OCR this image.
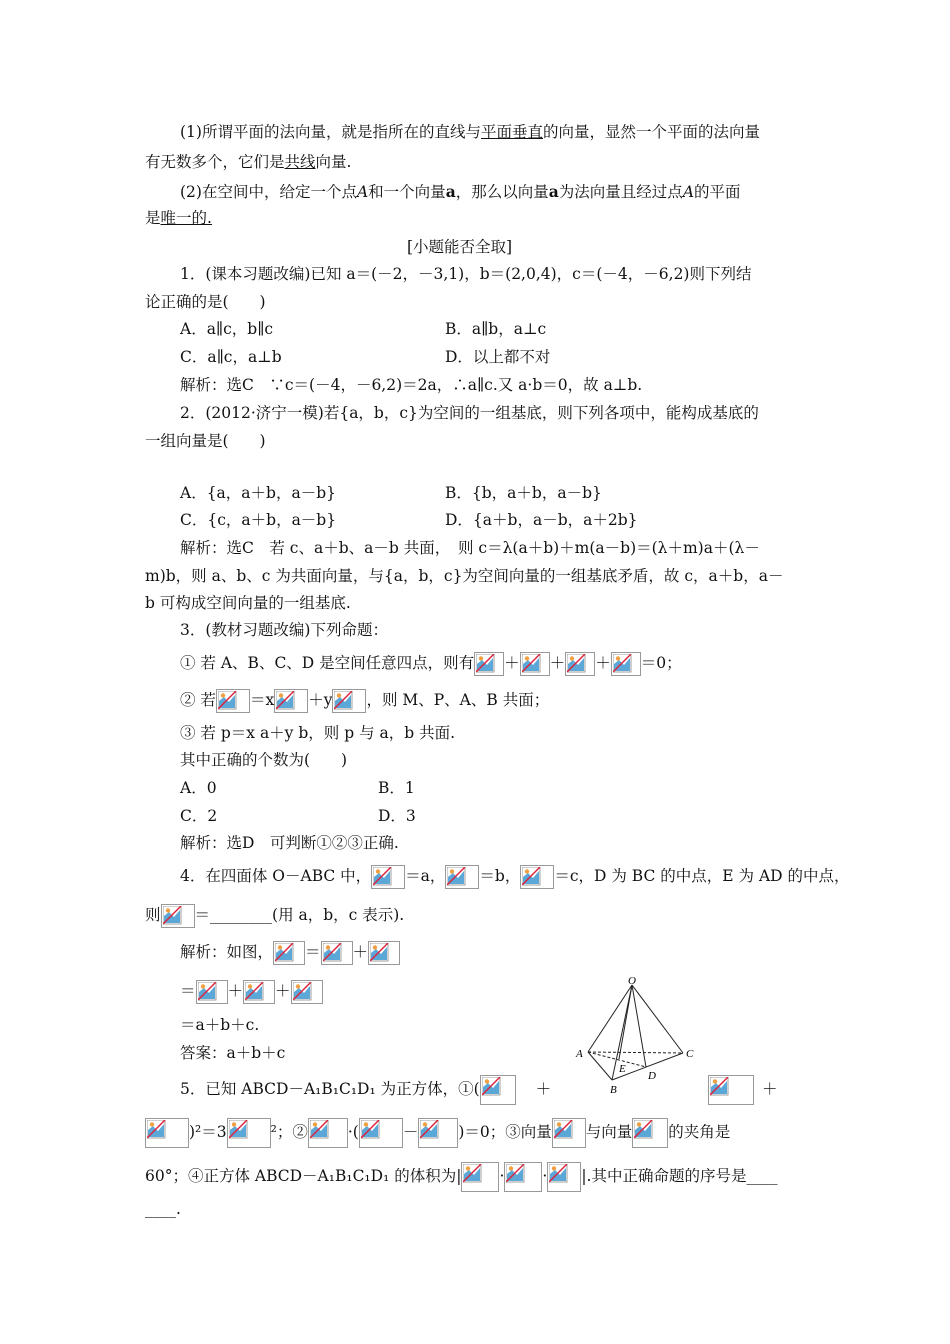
(1)所谓平面的法向量，就是指所在的直线与平面垂直的向量，显然一个平面的法向量
有无数多个，它们是共线向量.
(2)在空间中，给定一个点A和一个向量a，那么以向量a为法向量且经过点A的平面
是唯一的.
[小题能否全取]
1．(课本习题改编)已知 a＝(－2，－3,1)，b＝(2,0,4)，c＝(－4，－6,2)则下列结
论正确的是(　　)
A．a∥c，b∥c	B．a∥b，a⊥c
C．a∥c，a⊥b	D．以上都不对
解析：选C　∵c＝(－4，－6,2)＝2a，∴a∥c.又 a·b＝0，故 a⊥b.
2．(2012·济宁一模)若{a，b，c}为空间的一组基底，则下列各项中，能构成基底的
一组向量是(　　)
A．{a，a＋b，a－b}	B．{b，a＋b，a－b}
C．{c，a＋b，a－b}	D．{a＋b，a－b，a＋2b}
解析：选C　若 c、a＋b、a－b 共面，　则 c＝λ(a＋b)＋m(a－b)＝(λ＋m)a＋(λ－
m)b，则 a、b、c 为共面向量，与{a，b，c}为空间向量的一组基底矛盾，故 c，a＋b，a－
b 可构成空间向量的一组基底.
3．(教材习题改编)下列命题：
① 若 A、B、C、D 是空间任意四点，则有 ＋ ＋ ＋ ＝0；
② 若 ＝x ＋y ，则 M、P、A、B 共面；
③ 若 p＝x a＋y b，则 p 与 a，b 共面.
其中正确的个数为(　　)
A．0	B．1
C．2	D．3
解析：选D　可判断①②③正确.
4．在四面体 O－ABC 中， ＝a， ＝b， ＝c，D 为 BC 的中点，E 为 AD 的中点，
则 ＝________(用 a，b，c 表示).
解析：如图， ＝ ＋
＝ ＋ ＋
＝a＋b＋c.
答案：a＋b＋c
O
A	C
B
D
E
5．已知 ABCD－A₁B₁C₁D₁ 为正方体，①(	＋	＋
)²＝3	²；②	·(	－	)＝0；③向量 与向量 的夹角是
60°；④正方体 ABCD－A₁B₁C₁D₁ 的体积为| · · |.其中正确命题的序号是____
____.
